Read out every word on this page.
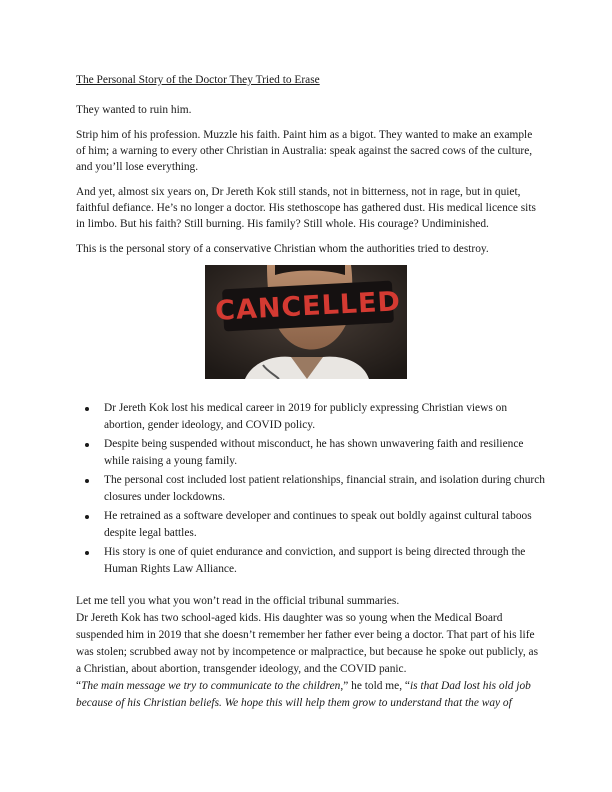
The Personal Story of the Doctor They Tried to Erase
They wanted to ruin him.
Strip him of his profession. Muzzle his faith. Paint him as a bigot. They wanted to make an example of him; a warning to every other Christian in Australia: speak against the sacred cows of the culture, and you’ll lose everything.
And yet, almost six years on, Dr Jereth Kok still stands, not in bitterness, not in rage, but in quiet, faithful defiance. He’s no longer a doctor. His stethoscope has gathered dust. His medical licence sits in limbo. But his faith? Still burning. His family? Still whole. His courage? Undiminished.
This is the personal story of a conservative Christian whom the authorities tried to destroy.
CANCELLED
Dr Jereth Kok lost his medical career in 2019 for publicly expressing Christian views on abortion, gender ideology, and COVID policy.
Despite being suspended without misconduct, he has shown unwavering faith and resilience while raising a young family.
The personal cost included lost patient relationships, financial strain, and isolation during church closures under lockdowns.
He retrained as a software developer and continues to speak out boldly against cultural taboos despite legal battles.
His story is one of quiet endurance and conviction, and support is being directed through the Human Rights Law Alliance.
Let me tell you what you won’t read in the official tribunal summaries.
Dr Jereth Kok has two school-aged kids. His daughter was so young when the Medical Board suspended him in 2019 that she doesn’t remember her father ever being a doctor. That part of his life was stolen; scrubbed away not by incompetence or malpractice, but because he spoke out publicly, as a Christian, about abortion, transgender ideology, and the COVID panic.
“The main message we try to communicate to the children,” he told me, “is that Dad lost his old job because of his Christian beliefs. We hope this will help them grow to understand that the way of
